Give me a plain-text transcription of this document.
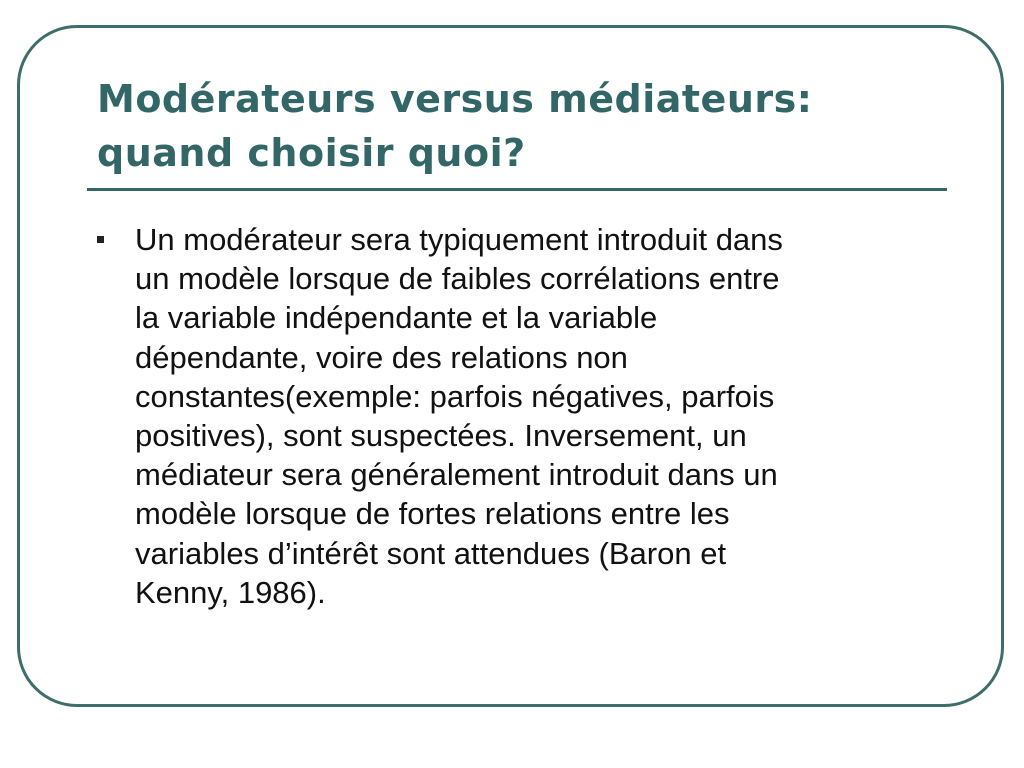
Modérateurs versus médiateurs:
quand choisir quoi?
Un modérateur sera typiquement introduit dans
un modèle lorsque de faibles corrélations entre
la variable indépendante et la variable
dépendante, voire des relations non
constantes(exemple: parfois négatives, parfois
positives), sont suspectées. Inversement, un
médiateur sera généralement introduit dans un
modèle lorsque de fortes relations entre les
variables d’intérêt sont attendues (Baron et
Kenny, 1986).
